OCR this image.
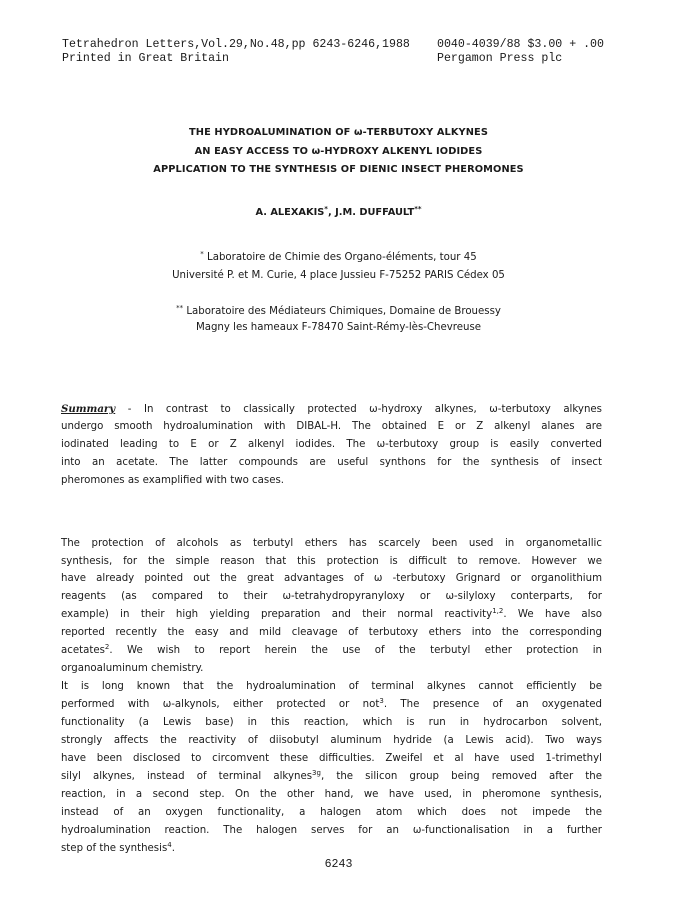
Tetrahedron Letters,Vol.29,No.48,pp 6243-6246,1988 0040-4039/88 $3.00 + .00
Printed in Great Britain	Pergamon Press plc
THE HYDROALUMINATION OF ω-TERBUTOXY ALKYNES
AN EASY ACCESS TO ω-HYDROXY ALKENYL IODIDES
APPLICATION TO THE SYNTHESIS OF DIENIC INSECT PHEROMONES
A. ALEXAKIS*, J.M. DUFFAULT**
* Laboratoire de Chimie des Organo-éléments, tour 45
Université P. et M. Curie, 4 place Jussieu F-75252 PARIS Cédex 05
** Laboratoire des Médiateurs Chimiques, Domaine de Brouessy
Magny les hameaux F-78470 Saint-Rémy-lès-Chevreuse
Summary - In contrast to classically protected ω-hydroxy alkynes, ω-terbutoxy alkynes
undergo smooth hydroalumination with DIBAL-H. The obtained E or Z alkenyl alanes are
iodinated leading to E or Z alkenyl iodides. The ω-terbutoxy group is easily converted
into an acetate. The latter compounds are useful synthons for the synthesis of insect
pheromones as examplified with two cases.
The protection of alcohols as terbutyl ethers has scarcely been used in organometallic
synthesis, for the simple reason that this protection is difficult to remove. However we
have already pointed out the great advantages of ω -terbutoxy Grignard or organolithium
reagents (as compared to their ω-tetrahydropyranyloxy or ω-silyloxy conterparts, for
example) in their high yielding preparation and their normal reactivity$^{1,2}$. We have also
reported recently the easy and mild cleavage of terbutoxy ethers into the corresponding
acetates$^2$. We wish to report herein the use of the terbutyl ether protection in
organoaluminum chemistry.
It is long known that the hydroalumination of terminal alkynes cannot efficiently be
performed with ω-alkynols, either protected or not$^3$. The presence of an oxygenated
functionality (a Lewis base) in this reaction, which is run in hydrocarbon solvent,
strongly affects the reactivity of diisobutyl aluminum hydride (a Lewis acid). Two ways
have been disclosed to circomvent these difficulties. Zweifel et al have used 1-trimethyl
silyl alkynes, instead of terminal alkynes$^{3g}$, the silicon group being removed after the
reaction, in a second step. On the other hand, we have used, in pheromone synthesis,
instead of an oxygen functionality, a halogen atom which does not impede the
hydroalumination reaction. The halogen serves for an ω-functionalisation in a further
step of the synthesis$^4$.
6243
